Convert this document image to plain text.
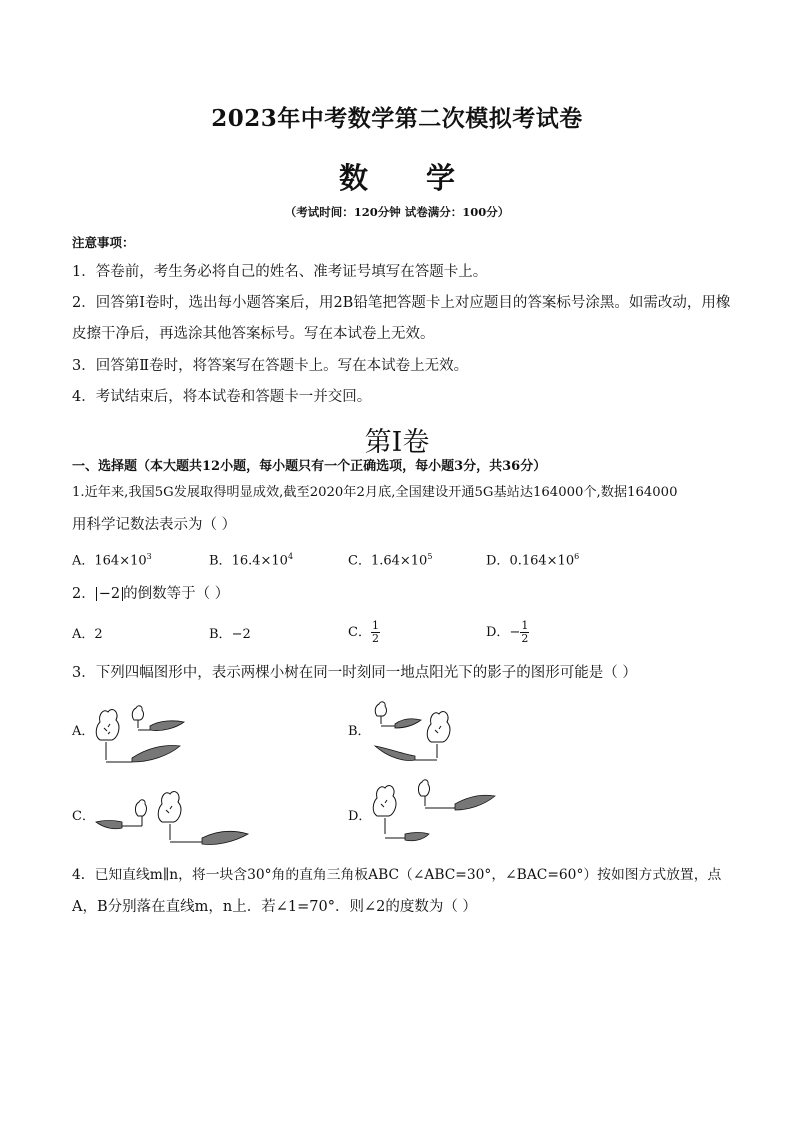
2023年中考数学第二次模拟考试卷
数 学
（考试时间：120分钟 试卷满分：100分）
注意事项：
1．答卷前，考生务必将自己的姓名、准考证号填写在答题卡上。
2．回答第Ⅰ卷时，选出每小题答案后，用2B铅笔把答题卡上对应题目的答案标号涂黑。如需改动，用橡
皮擦干净后，再选涂其他答案标号。写在本试卷上无效。
3．回答第Ⅱ卷时，将答案写在答题卡上。写在本试卷上无效。
4．考试结束后，将本试卷和答题卡一并交回。
第Ⅰ卷
一、选择题（本大题共12小题，每小题只有一个正确选项，每小题3分，共36分）
1.近年来,我国5G发展取得明显成效,截至2020年2月底,全国建设开通5G基站达164000个,数据164000
用科学记数法表示为（ ）
A．$164\times 10^3$	B．$16.4\times 10^4$	C．$1.64\times 10^5$	D．$0.164\times 10^6$
2． −2 的倒数等于（ ）
A．2	B．−2	C． $\frac{1}{2}$	D．− $\frac{1}{2}$
3．下列四幅图形中，表示两棵小树在同一时刻同一地点阳光下的影子的图形可能是（ ）
A．	B．
C．	D．
4．已知直线m∥n，将一块含30°角的直角三角板ABC（∠ABC=30°，∠BAC=60°）按如图方式放置，点
A，B分别落在直线m，n上．若∠1=70°．则∠2的度数为（ ）
